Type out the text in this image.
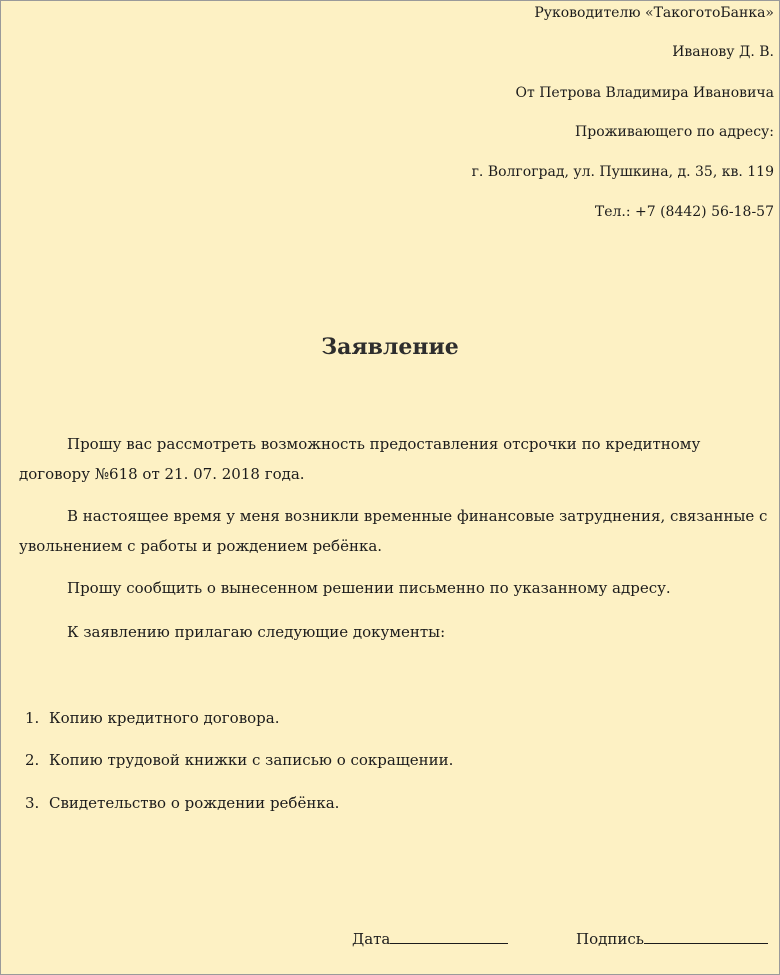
Руководителю «ТакоготоБанка»
Иванову Д. В.
От Петрова Владимира Ивановича
Проживающего по адресу:
г. Волгоград, ул. Пушкина, д. 35, кв. 119
Тел.: +7 (8442) 56-18-57
Заявление
Прошу вас рассмотреть возможность предоставления отсрочки по кредитному договору №618 от 21. 07. 2018 года.
В настоящее время у меня возникли временные финансовые затруднения, связанные с увольнением с работы и рождением ребёнка.
Прошу сообщить о вынесенном решении письменно по указанному адресу.
К заявлению прилагаю следующие документы:
1. Копию кредитного договора.
2. Копию трудовой книжки с записью о сокращении.
3. Свидетельство о рождении ребёнка.
Дата	Подпись
